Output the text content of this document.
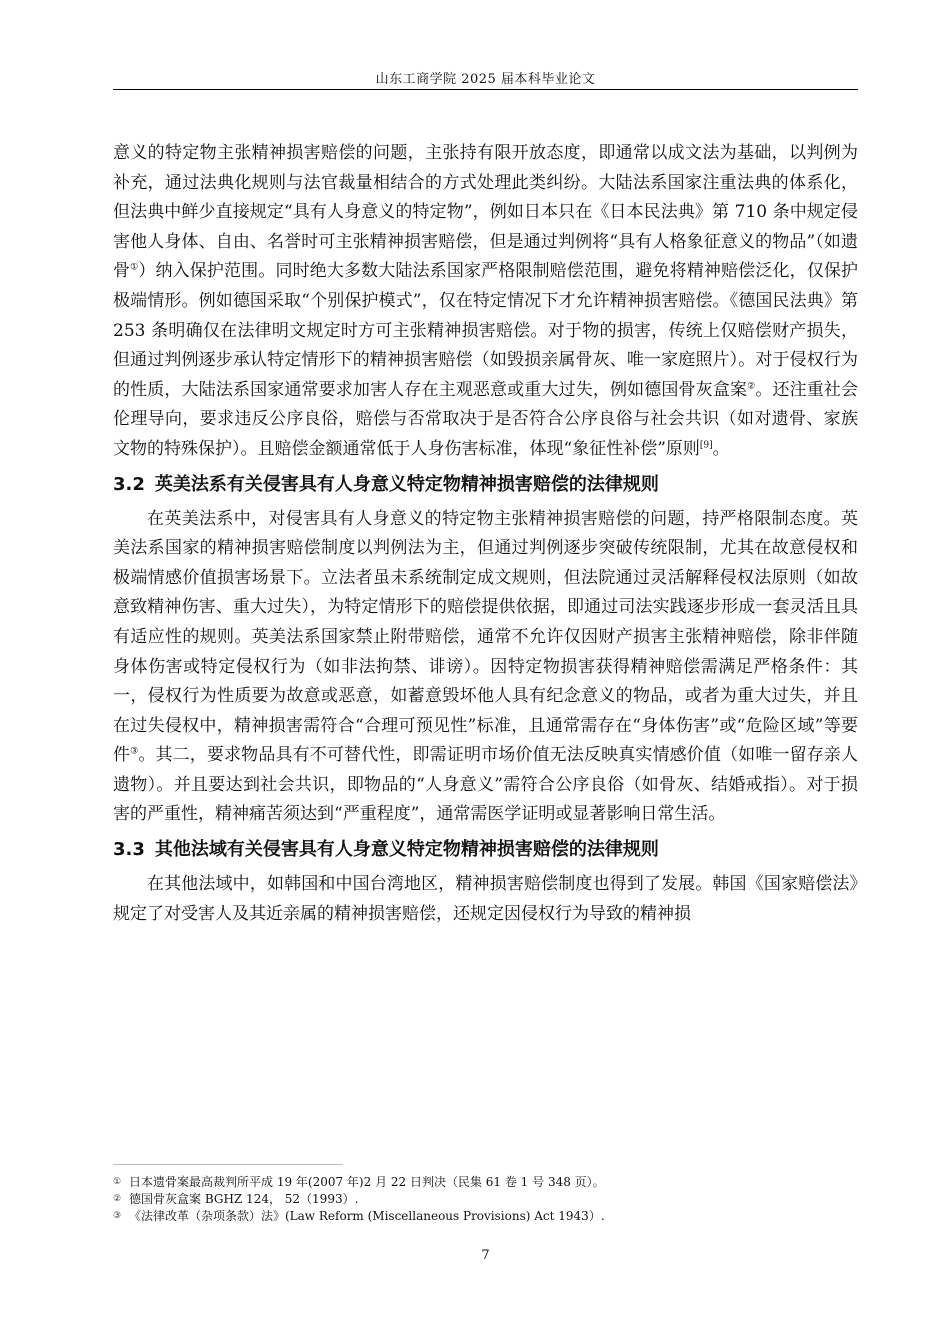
山东工商学院 2025 届本科毕业论文

意义的特定物主张精神损害赔偿的问题，主张持有限开放态度，即通常以成文法为基础，以判例为补充，通过法典化规则与法官裁量相结合的方式处理此类纠纷。大陆法系国家注重法典的体系化，但法典中鲜少直接规定“具有人身意义的特定物”，例如日本只在《日本民法典》第 710 条中规定侵害他人身体、自由、名誉时可主张精神损害赔偿，但是通过判例将“具有人格象征意义的物品”（如遗骨①）纳入保护范围。同时绝大多数大陆法系国家严格限制赔偿范围，避免将精神赔偿泛化，仅保护极端情形。例如德国采取“个别保护模式”，仅在特定情况下才允许精神损害赔偿。《德国民法典》第 253 条明确仅在法律明文规定时方可主张精神损害赔偿。对于物的损害，传统上仅赔偿财产损失，但通过判例逐步承认特定情形下的精神损害赔偿（如毁损亲属骨灰、唯一家庭照片）。对于侵权行为的性质，大陆法系国家通常要求加害人存在主观恶意或重大过失，例如德国骨灰盒案②。还注重社会伦理导向，要求违反公序良俗，赔偿与否常取决于是否符合公序良俗与社会共识（如对遗骨、家族文物的特殊保护）。且赔偿金额通常低于人身伤害标准，体现“象征性补偿”原则[9]。

3.2 英美法系有关侵害具有人身意义特定物精神损害赔偿的法律规则

在英美法系中，对侵害具有人身意义的特定物主张精神损害赔偿的问题，持严格限制态度。英美法系国家的精神损害赔偿制度以判例法为主，但通过判例逐步突破传统限制，尤其在故意侵权和极端情感价值损害场景下。立法者虽未系统制定成文规则，但法院通过灵活解释侵权法原则（如故意致精神伤害、重大过失），为特定情形下的赔偿提供依据，即通过司法实践逐步形成一套灵活且具有适应性的规则。英美法系国家禁止附带赔偿，通常不允许仅因财产损害主张精神赔偿，除非伴随身体伤害或特定侵权行为（如非法拘禁、诽谤）。因特定物损害获得精神赔偿需满足严格条件：其一，侵权行为性质要为故意或恶意，如蓄意毁坏他人具有纪念意义的物品，或者为重大过失，并且在过失侵权中，精神损害需符合“合理可预见性”标准，且通常需存在“身体伤害”或“危险区域”等要件③。其二，要求物品具有不可替代性，即需证明市场价值无法反映真实情感价值（如唯一留存亲人遗物）。并且要达到社会共识，即物品的“人身意义”需符合公序良俗（如骨灰、结婚戒指）。对于损害的严重性，精神痛苦须达到“严重程度”，通常需医学证明或显著影响日常生活。

3.3 其他法域有关侵害具有人身意义特定物精神损害赔偿的法律规则

在其他法域中，如韩国和中国台湾地区，精神损害赔偿制度也得到了发展。韩国《国家赔偿法》规定了对受害人及其近亲属的精神损害赔偿，还规定因侵权行为导致的精神损

① 日本遗骨案最高裁判所平成 19 年(2007 年)2 月 22 日判决（民集 61 卷 1 号 348 页）。
② 德国骨灰盒案 BGHZ 124， 52（1993）.
③ 《法律改革（杂项条款）法》(Law Reform (Miscellaneous Provisions) Act 1943）.
7
